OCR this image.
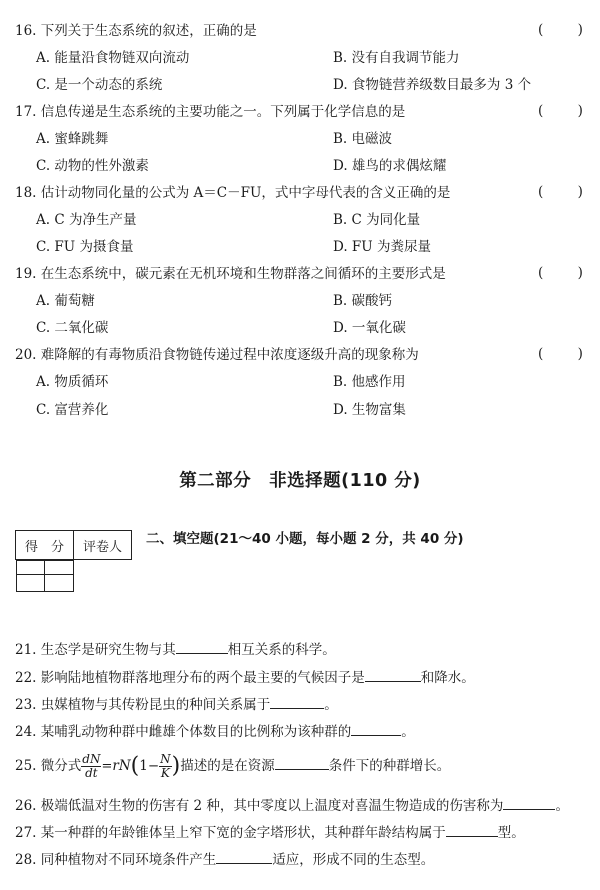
16. 下列关于生态系统的叙述，正确的是	(        )
A. 能量沿食物链双向流动	B. 没有自我调节能力
C. 是一个动态的系统	D. 食物链营养级数目最多为 3 个
17. 信息传递是生态系统的主要功能之一。下列属于化学信息的是	(        )
A. 蜜蜂跳舞	B. 电磁波
C. 动物的性外激素	D. 雄鸟的求偶炫耀
18. 估计动物同化量的公式为 A＝C－FU，式中字母代表的含义正确的是	(        )
A. C 为净生产量	B. C 为同化量
C. FU 为摄食量	D. FU 为粪尿量
19. 在生态系统中，碳元素在无机环境和生物群落之间循环的主要形式是	(        )
A. 葡萄糖	B. 碳酸钙
C. 二氧化碳	D. 一氧化碳
20. 难降解的有毒物质沿食物链传递过程中浓度逐级升高的现象称为	(        )
A. 物质循环	B. 他感作用
C. 富营养化	D. 生物富集
第二部分　非选择题(110 分)
得　分	评卷人
	二、填空题(21～40 小题，每小题 2 分，共 40 分)
21. 生态学是研究生物与其	相互关系的科学。
22. 影响陆地植物群落地理分布的两个最主要的气候因子是	和降水。
23. 虫媒植物与其传粉昆虫的种间关系属于	。
24. 某哺乳动物种群中雌雄个体数目的比例称为该种群的	。
25. 微分式 $\frac{dN}{dt} =rN(1- \frac{N}{K}$ )描述的是在资源	条件下的种群增长。
26. 极端低温对生物的伤害有 2 种，其中零度以上温度对喜温生物造成的伤害称为	。
27. 某一种群的年龄锥体呈上窄下宽的金字塔形状，其种群年龄结构属于	型。
28. 同种植物对不同环境条件产生	适应，形成不同的生态型。
